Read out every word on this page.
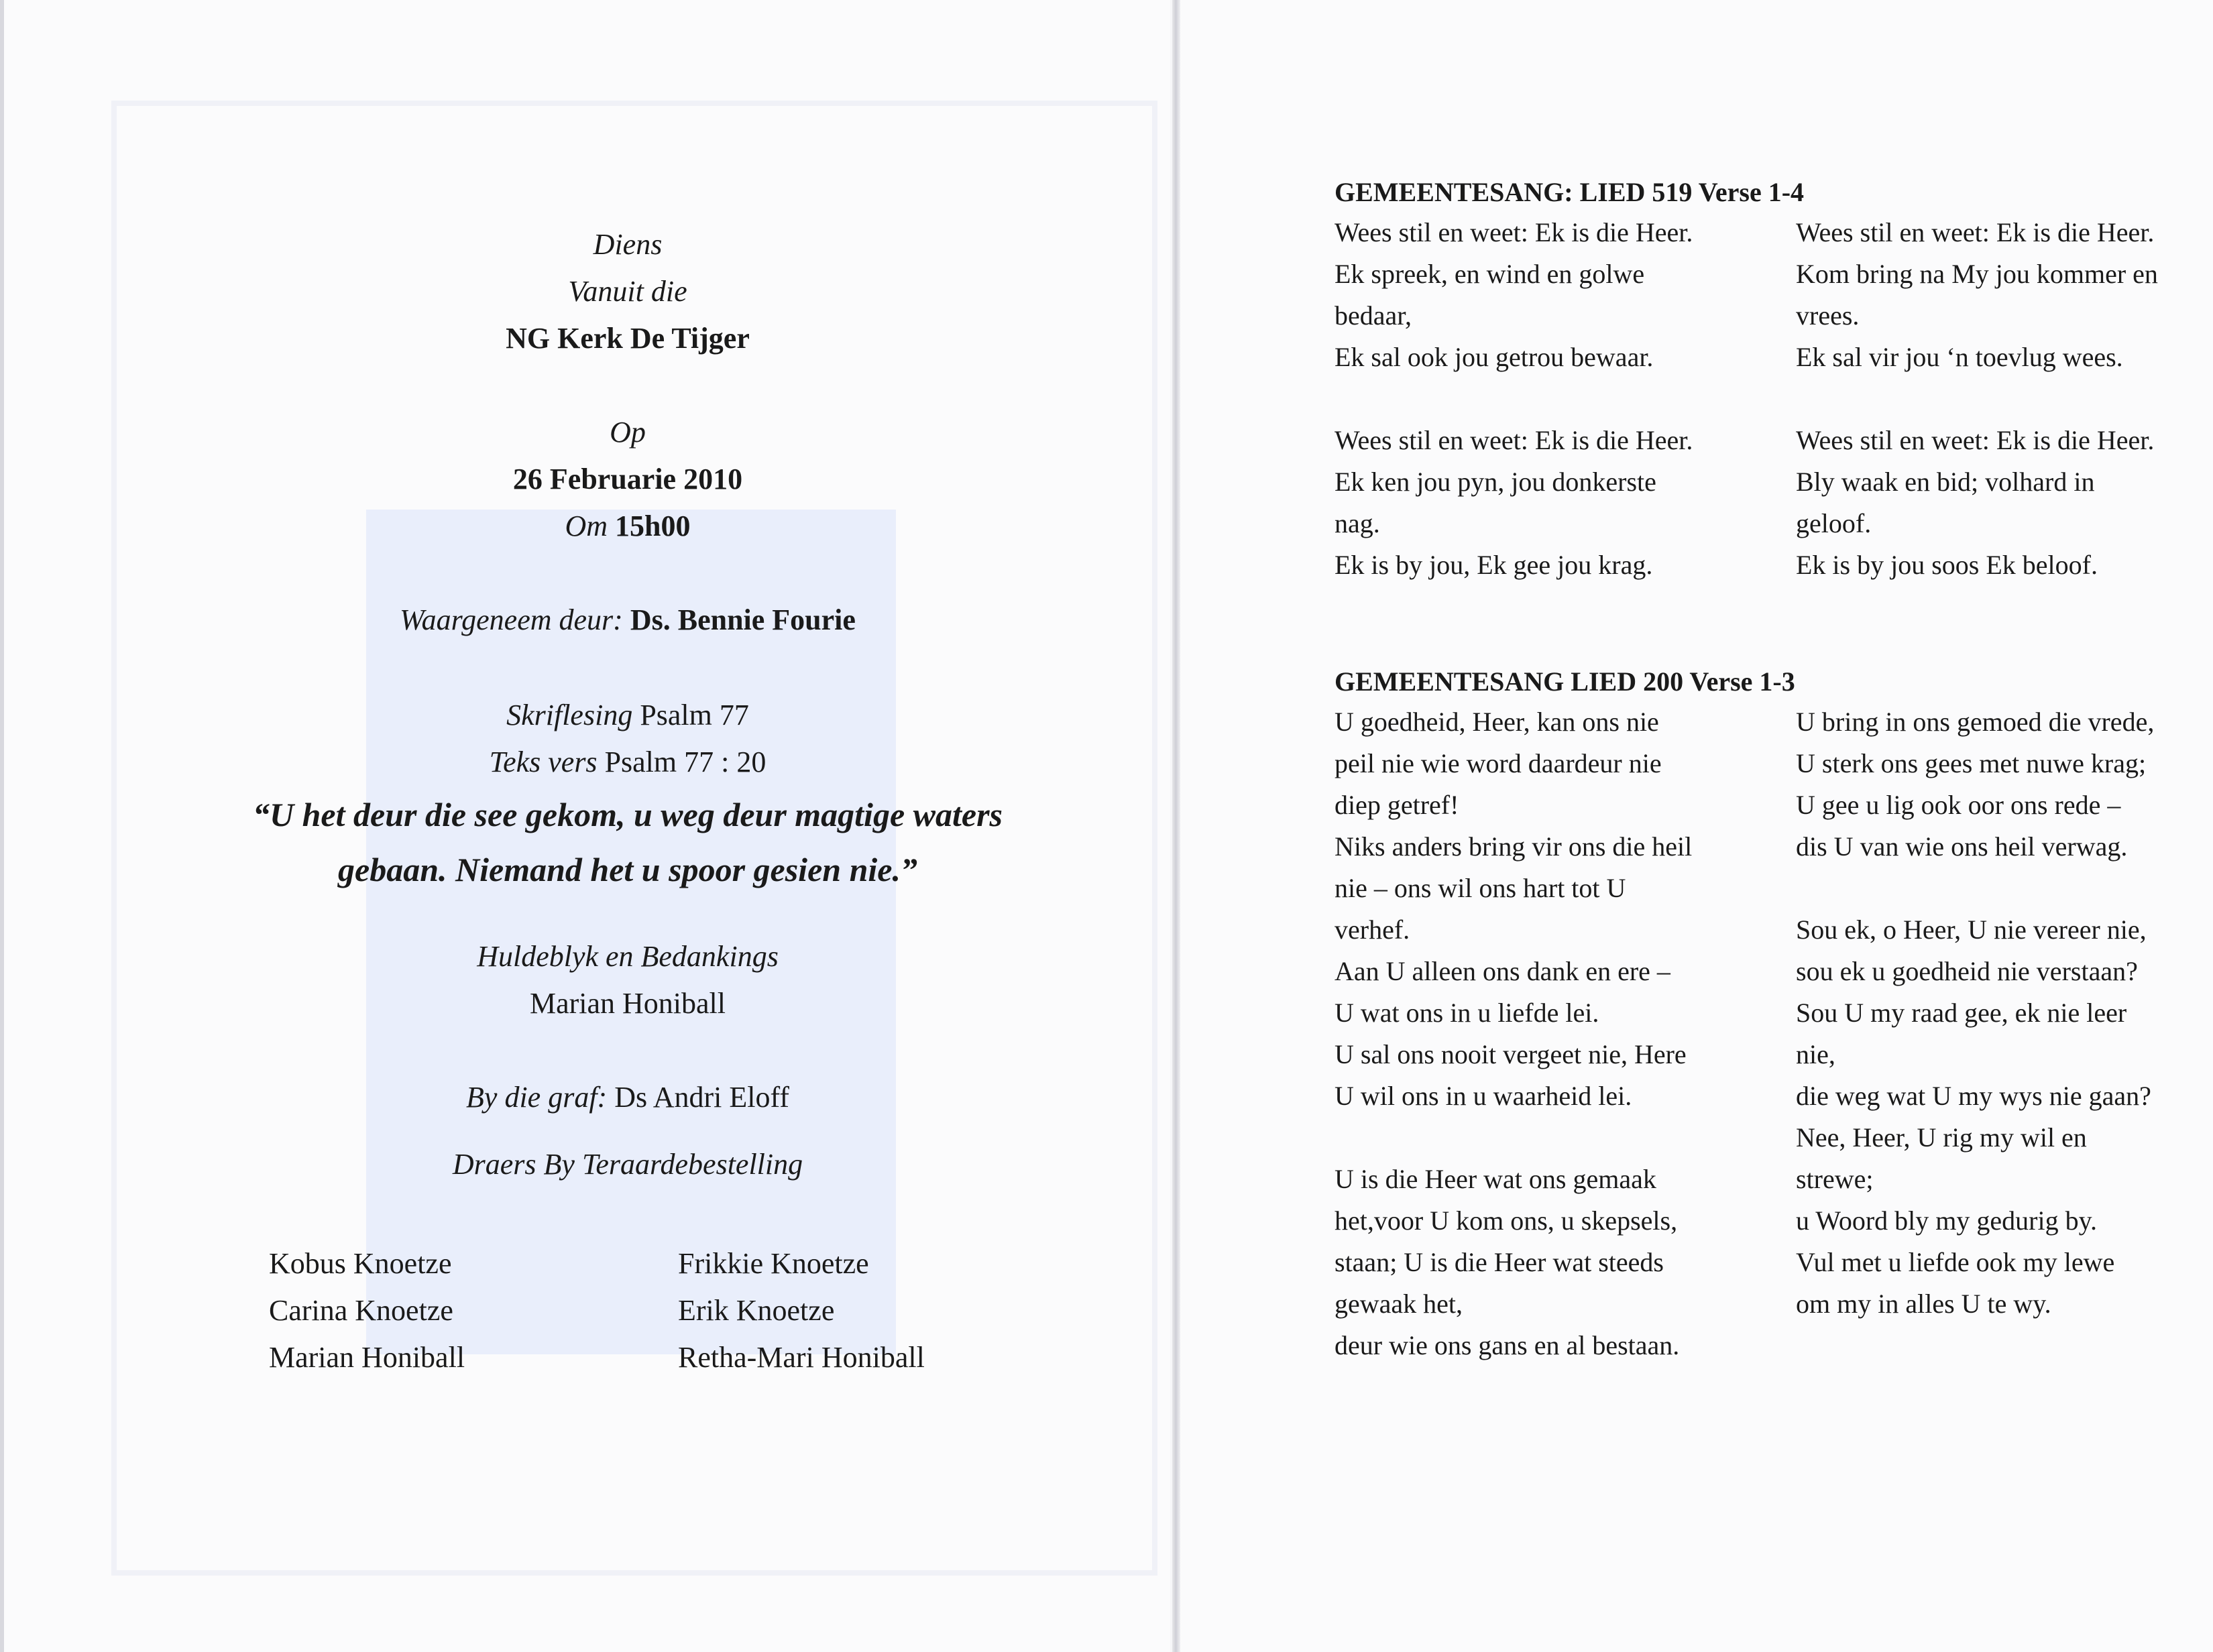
Diens
Vanuit die
NG Kerk De Tijger
Op
26 Februarie 2010
Om 15h00
Waargeneem deur: Ds. Bennie Fourie
Skriflesing Psalm 77
Teks vers Psalm 77 : 20
“U het deur die see gekom, u weg deur magtige waters
gebaan. Niemand het u spoor gesien nie.”
Huldeblyk en Bedankings
Marian Honiball
By die graf: Ds Andri Eloff
Draers By Teraardebestelling
Kobus Knoetze
Carina Knoetze
Marian Honiball
Frikkie Knoetze
Erik Knoetze
Retha-Mari Honiball
GEMEENTESANG: LIED 519 Verse 1-4
Wees stil en weet: Ek is die Heer.
Ek spreek, en wind en golwe
bedaar,
Ek sal ook jou getrou bewaar.
Wees stil en weet: Ek is die Heer.
Ek ken jou pyn, jou donkerste
nag.
Ek is by jou, Ek gee jou krag.
Wees stil en weet: Ek is die Heer.
Kom bring na My jou kommer en
vrees.
Ek sal vir jou ‘n toevlug wees.
Wees stil en weet: Ek is die Heer.
Bly waak en bid; volhard in
geloof.
Ek is by jou soos Ek beloof.
GEMEENTESANG LIED 200 Verse 1-3
U goedheid, Heer, kan ons nie
peil nie wie word daardeur nie
diep getref!
Niks anders bring vir ons die heil
nie – ons wil ons hart tot U
verhef.
Aan U alleen ons dank en ere –
U wat ons in u liefde lei.
U sal ons nooit vergeet nie, Here
U wil ons in u waarheid lei.
U is die Heer wat ons gemaak
het,voor U kom ons, u skepsels,
staan; U is die Heer wat steeds
gewaak het,
deur wie ons gans en al bestaan.
U bring in ons gemoed die vrede,
U sterk ons gees met nuwe krag;
U gee u lig ook oor ons rede –
dis U van wie ons heil verwag.
Sou ek, o Heer, U nie vereer nie,
sou ek u goedheid nie verstaan?
Sou U my raad gee, ek nie leer
nie,
die weg wat U my wys nie gaan?
Nee, Heer, U rig my wil en
strewe;
u Woord bly my gedurig by.
Vul met u liefde ook my lewe
om my in alles U te wy.
